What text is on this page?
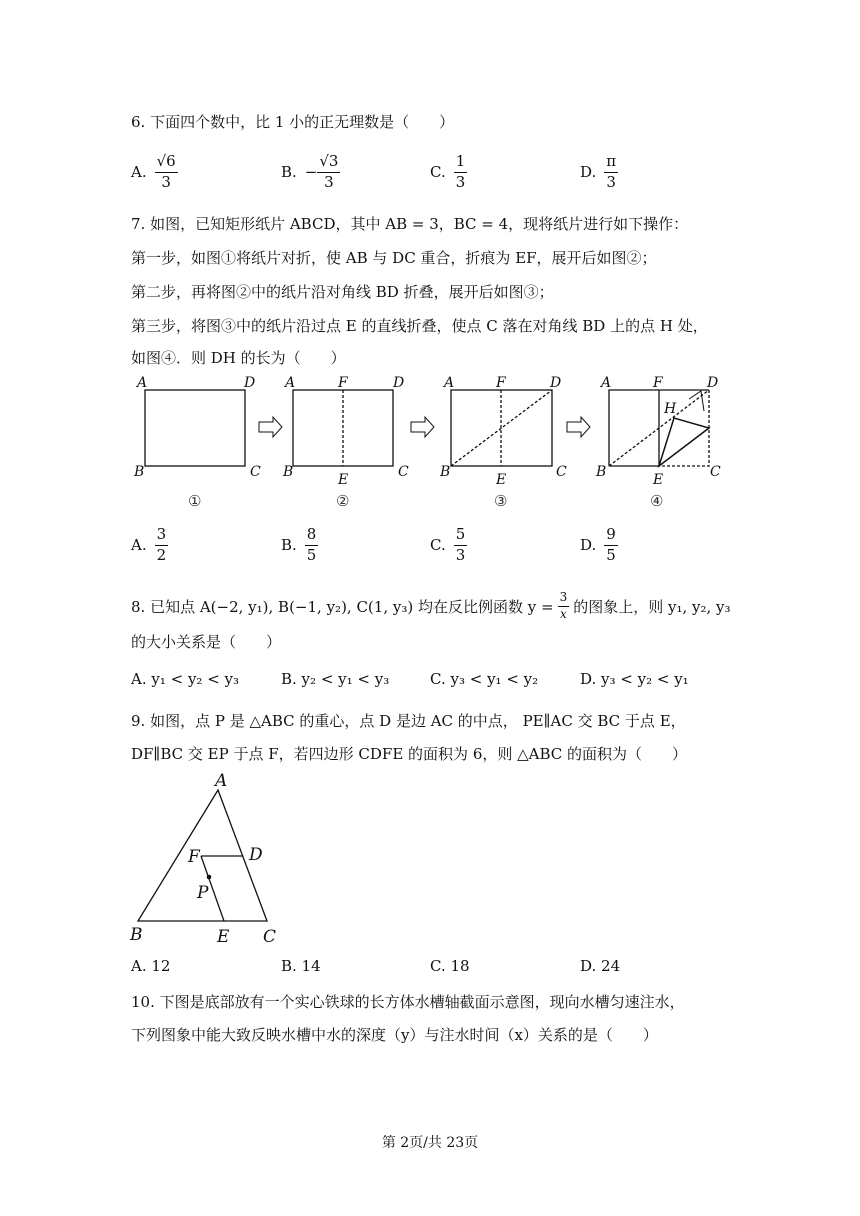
6. 下面四个数中，比 1 小的正无理数是（　　）
A. $\frac{√6}{3}$	B. − $\frac{√3}{3}$	C. $\frac{1}{3}$	D. $\frac{\pi}{3}$
7. 如图，已知矩形纸片 ABCD，其中 AB = 3，BC = 4，现将纸片进行如下操作：
第一步，如图①将纸片对折，使 AB 与 DC 重合，折痕为 EF，展开后如图②；
第二步，再将图②中的纸片沿对角线 BD 折叠，展开后如图③；
第三步，将图③中的纸片沿过点 E 的直线折叠，使点 C 落在对角线 BD 上的点 H 处，
如图④．则 DH 的长为（　　）
A	D
B	C
A	F	D
B	E	C
A	F	D
B	E	C
A	F	D
H
B	E	C
①	②	③	④
A. $\frac{3}{2}$	B. $\frac{8}{5}$	C. $\frac{5}{3}$	D. $\frac{9}{5}$
8. 已知点 A(−2, y₁), B(−1, y₂), C(1, y₃) 均在反比例函数 $y = \frac{3}{x}$ 的图象上，则 y₁, y₂, y₃
的大小关系是（　　）
A. y₁ < y₂ < y₃	B. y₂ < y₁ < y₃	C. y₃ < y₁ < y₂	D. y₃ < y₂ < y₁
9. 如图，点 P 是 △ABC 的重心，点 D 是边 AC 的中点， PE∥AC 交 BC 于点 E，
DF∥BC 交 EP 于点 F，若四边形 CDFE 的面积为 6，则 △ABC 的面积为（　　）
A
B	C
D
E
F
P
A. 12	B. 14	C. 18	D. 24
10. 下图是底部放有一个实心铁球的长方体水槽轴截面示意图，现向水槽匀速注水，
下列图象中能大致反映水槽中水的深度（y）与注水时间（x）关系的是（　　）
第 2页/共 23页
